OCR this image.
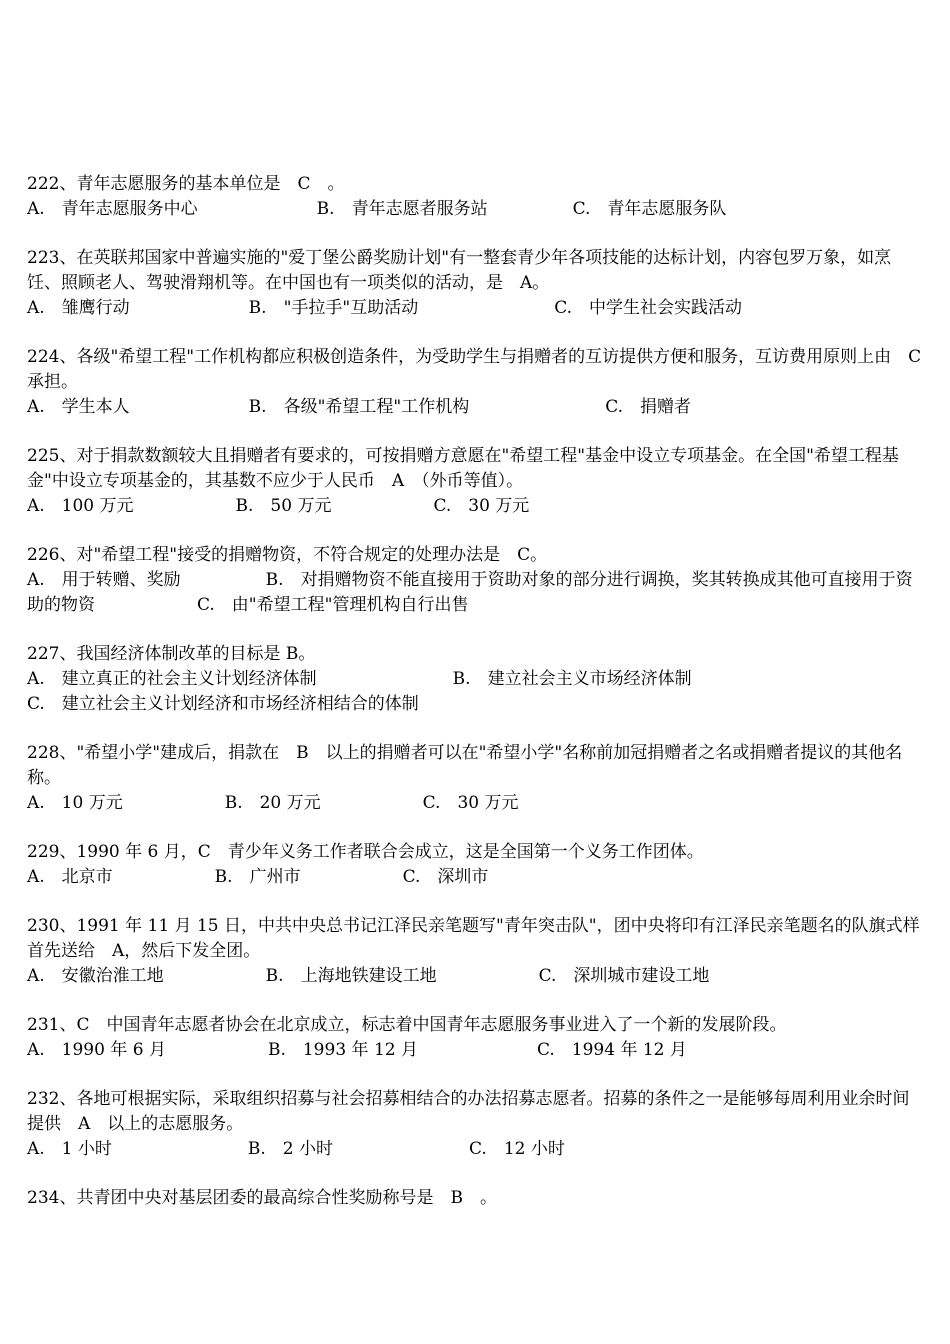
222、青年志愿服务的基本单位是　C　。
A.　青年志愿服务中心　　　　　　　B.　青年志愿者服务站　　　　　C.　青年志愿服务队
223、在英联邦国家中普遍实施的"爱丁堡公爵奖励计划"有一整套青少年各项技能的达标计划，内容包罗万象，如烹饪、照顾老人、驾驶滑翔机等。在中国也有一项类似的活动，是　A。
A.　雏鹰行动　　　　　　　B.　"手拉手"互助活动　　　　　　　　C.　中学生社会实践活动
224、各级"希望工程"工作机构都应积极创造条件，为受助学生与捐赠者的互访提供方便和服务，互访费用原则上由　C　承担。
A.　学生本人　　　　　　　B.　各级"希望工程"工作机构　　　　　　　　C.　捐赠者
225、对于捐款数额较大且捐赠者有要求的，可按捐赠方意愿在"希望工程"基金中设立专项基金。在全国"希望工程基金"中设立专项基金的，其基数不应少于人民币　A　（外币等值）。
A.　100 万元　　　　　　B.　50 万元　　　　　　C.　30 万元
226、对"希望工程"接受的捐赠物资，不符合规定的处理办法是　C。
A.　用于转赠、奖励　　　　　B.　对捐赠物资不能直接用于资助对象的部分进行调换，奖其转换成其他可直接用于资助的物资　　　　　　C.　由"希望工程"管理机构自行出售
227、我国经济体制改革的目标是 B。
A.　建立真正的社会主义计划经济体制　　　　　　　　B.　建立社会主义市场经济体制
C.　建立社会主义计划经济和市场经济相结合的体制
228、"希望小学"建成后，捐款在　B　以上的捐赠者可以在"希望小学"名称前加冠捐赠者之名或捐赠者提议的其他名称。
A.　10 万元　　　　　　B.　20 万元　　　　　　C.　30 万元
229、1990 年 6 月，C　青少年义务工作者联合会成立，这是全国第一个义务工作团体。
A.　北京市　　　　　　B.　广州市　　　　　　C.　深圳市
230、1991 年 11 月 15 日，中共中央总书记江泽民亲笔题写"青年突击队"，团中央将印有江泽民亲笔题名的队旗式样首先送给　A，然后下发全团。
A.　安徽治淮工地　　　　　　B.　上海地铁建设工地　　　　　　C.　深圳城市建设工地
231、C　中国青年志愿者协会在北京成立，标志着中国青年志愿服务事业进入了一个新的发展阶段。
A.　1990 年 6 月　　　　　　B.　1993 年 12 月　　　　　　　C.　1994 年 12 月
232、各地可根据实际，采取组织招募与社会招募相结合的办法招募志愿者。招募的条件之一是能够每周利用业余时间提供　A　以上的志愿服务。
A.　1 小时　　　　　　　　B.　2 小时　　　　　　　　C.　12 小时
234、共青团中央对基层团委的最高综合性奖励称号是　B　。
